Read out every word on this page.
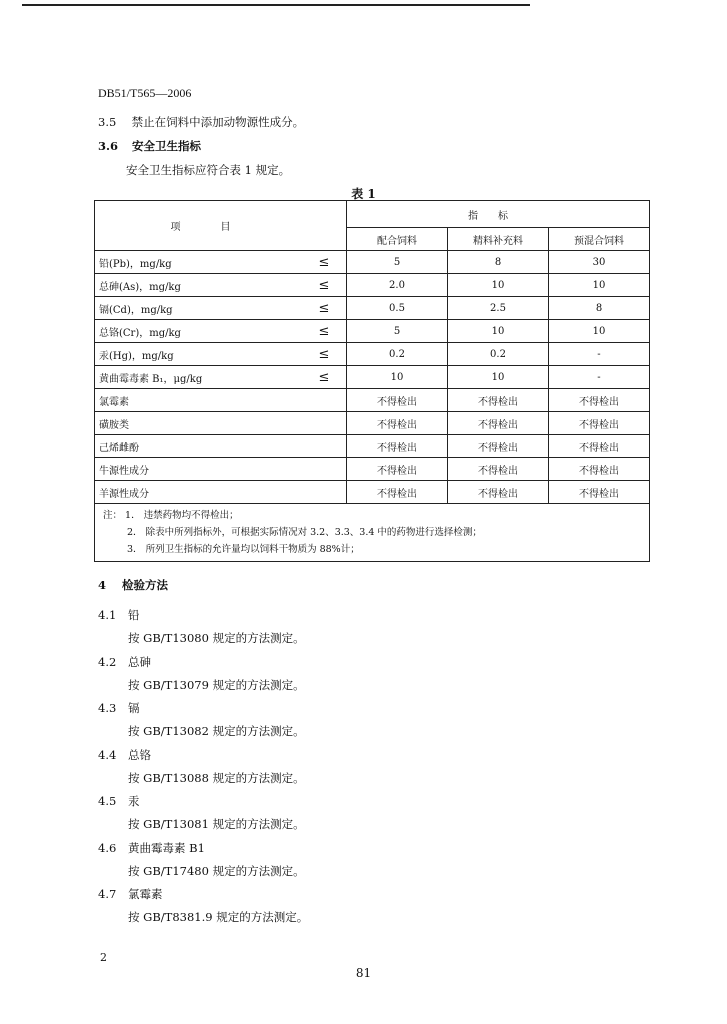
DB51/T565—2006
3.5 禁止在饲料中添加动物源性成分。
3.6 安全卫生指标
安全卫生指标应符合表 1 规定。
表 1
项目		指标		
		配合饲料	精料补充料	预混合饲料
铅(Pb)，mg/kg	≤	5	8	30
总砷(As)，mg/kg	≤	2.0	10	10
镉(Cd)，mg/kg	≤	0.5	2.5	8
总铬(Cr)，mg/kg	≤	5	10	10
汞(Hg)，mg/kg	≤	0.2	0.2	-
黄曲霉毒素 B₁，μg/kg	≤	10	10	-
氯霉素		不得检出	不得检出	不得检出
磺胺类		不得检出	不得检出	不得检出
己烯雌酚		不得检出	不得检出	不得检出
牛源性成分		不得检出	不得检出	不得检出
羊源性成分		不得检出	不得检出	不得检出

注： 1． 违禁药物均不得检出；
2． 除表中所列指标外，可根据实际情况对 3.2、3.3、3.4 中的药物进行选择检测；
3． 所列卫生指标的允许量均以饲料干物质为 88%计；				
4 检验方法
4.1 铅
按 GB/T13080 规定的方法测定。
4.2 总砷
按 GB/T13079 规定的方法测定。
4.3 镉
按 GB/T13082 规定的方法测定。
4.4 总铬
按 GB/T13088 规定的方法测定。
4.5 汞
按 GB/T13081 规定的方法测定。
4.6 黄曲霉毒素 B1
按 GB/T17480 规定的方法测定。
4.7 氯霉素
按 GB/T8381.9 规定的方法测定。
2
81
